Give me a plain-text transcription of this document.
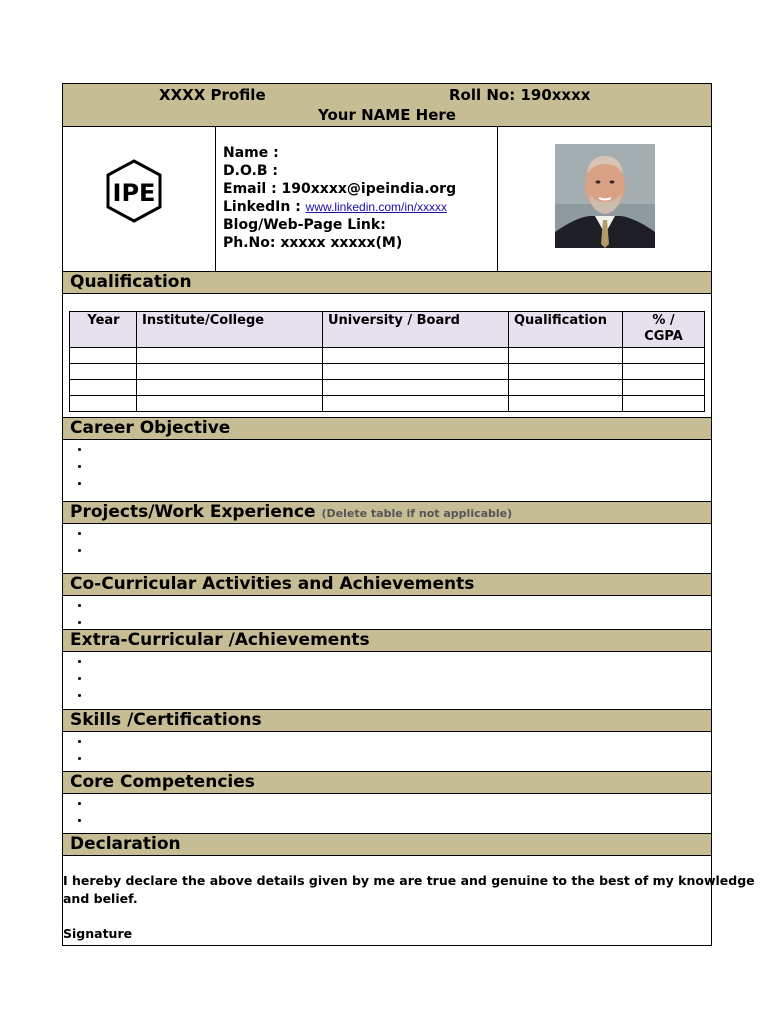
XXXX Profile	Roll No: 190xxxx
Your NAME Here
IPE
Name :
D.O.B :
Email : 190xxxx@ipeindia.org
LinkedIn : www.linkedin.com/in/xxxxx
Blog/Web-Page Link:
Ph.No: xxxxx xxxxx(M)
Qualification
Year	Institute/College	University / Board	Qualification	% / CGPA

Career Objective
•
•
•
Projects/Work Experience (Delete table if not applicable)
•
•
Co-Curricular Activities and Achievements
•
•
Extra-Curricular /Achievements
•
•
•
Skills /Certifications
•
•
Core Competencies
•
•
Declaration
I hereby declare the above details given by me are true and genuine to the best of my knowledge and belief.
Signature
